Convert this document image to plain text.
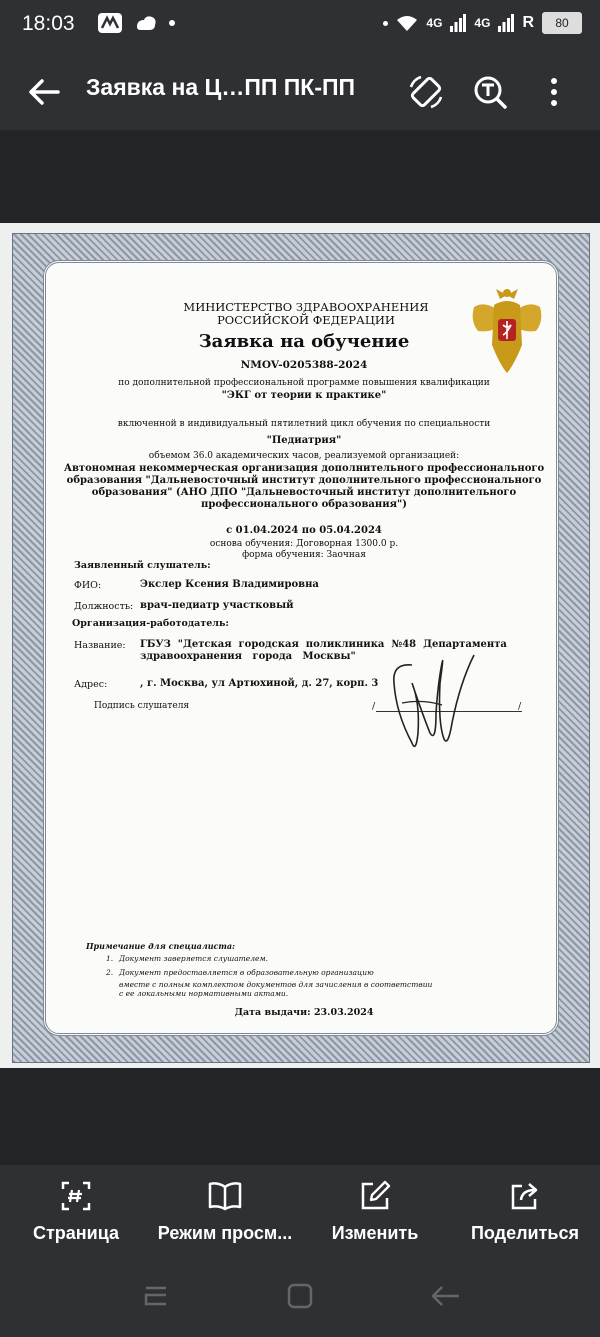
18:03	4G	4G R	80
Заявка на Ц…ПП ПК-ПП
МИНИСТЕРСТВО ЗДРАВООХРАНЕНИЯ РОССИЙСКОЙ ФЕДЕРАЦИИ
Заявка на обучение
NMOV-0205388-2024
по дополнительной профессиональной программе повышения квалификации
"ЭКГ от теории к практике"
включенной в индивидуальный пятилетний цикл обучения по специальности
"Педиатрия"
объемом 36.0 академических часов, реализуемой организацией:
Автономная некоммерческая организация дополнительного профессионального образования "Дальневосточный институт дополнительного профессионального образования" (АНО ДПО "Дальневосточный институт дополнительного профессионального образования")
с 01.04.2024 по 05.04.2024
основа обучения: Договорная 1300.0 р.
форма обучения: Заочная
Заявленный слушатель:
ФИО:	Экслер Ксения Владимировна
Должность: врач-педиатр участковый
Организация-работодатель:
Название: ГБУЗ  "Детская  городская  поликлиника  №48  Департамента
здравоохранения   города   Москвы"
Адрес:	, г. Москва, ул Артюхиной, д. 27, корп. 3
Подпись слушателя	/	/
Примечание для специалиста:
1. Документ заверяется слушателем.
2. Документ предоставляется в образовательную организацию
вместе с полным комплектом документов для зачисления в соответствии
с ее локальными нормативными актами.
Дата выдачи: 23.03.2024
Страница Режим просм... Изменить	Поделиться
